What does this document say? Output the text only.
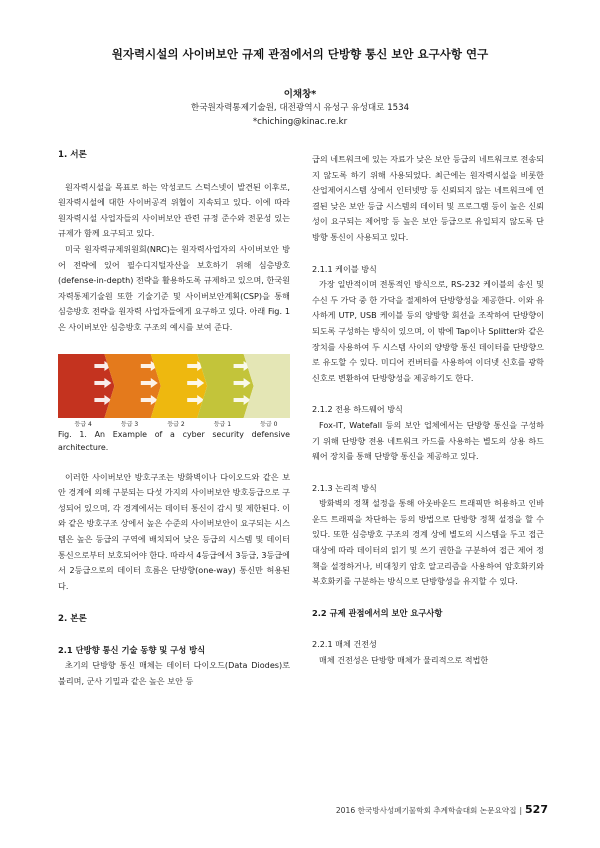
원자력시설의 사이버보안 규제 관점에서의 단방향 통신 보안 요구사항 연구
이채창*
한국원자력통제기술원, 대전광역시 유성구 유성대로 1534
*chiching@kinac.re.kr

1. 서론

원자력시설을 목표로 하는 악성코드 스턱스넷이 발견된 이후로, 원자력시설에 대한 사이버공격 위협이 지속되고 있다. 이에 따라 원자력시설 사업자들의 사이버보안 관련 규정 준수와 전문성 있는 규제가 함께 요구되고 있다.

미국 원자력규제위원회(NRC)는 원자력사업자의 사이버보안 방어 전략에 있어 필수디지털자산을 보호하기 위해 심층방호(defense-in-depth) 전략을 활용하도록 규제하고 있으며, 한국원자력통제기술원 또한 기술기준 및 사이버보안계획(CSP)을 통해 심층방호 전략을 원자력 사업자들에게 요구하고 있다. 아래 Fig. 1은 사이버보안 심층방호 구조의 예시를 보여 준다.

등급 4	등급 3	등급 2	등급 1	등급 0

Fig. 1. An Example of a cyber security defensive architecture.

이러한 사이버보안 방호구조는 방화벽이나 다이오드와 같은 보안 경계에 의해 구분되는 다섯 가지의 사이버보안 방호등급으로 구성되어 있으며, 각 경계에서는 데이터 통신이 감시 및 제한된다. 이와 같은 방호구조 상에서 높은 수준의 사이버보안이 요구되는 시스템은 높은 등급의 구역에 배치되어 낮은 등급의 시스템 및 데이터 통신으로부터 보호되어야 한다. 따라서 4등급에서 3등급, 3등급에서 2등급으로의 데이터 흐름은 단방향(one-way) 통신만 허용된다.

2. 본론

2.1 단방향 통신 기술 동향 및 구성 방식

초기의 단방향 통신 매체는 데이터 다이오드(Data Diodes)로 불리며, 군사 기밀과 같은 높은 보안 등

급의 네트워크에 있는 자료가 낮은 보안 등급의 네트워크로 전송되지 않도록 하기 위해 사용되었다. 최근에는 원자력시설을 비롯한 산업제어시스템 상에서 인터넷망 등 신뢰되지 않는 네트워크에 연결된 낮은 보안 등급 시스템의 데이터 및 프로그램 등이 높은 신뢰성이 요구되는 제어망 등 높은 보안 등급으로 유입되지 않도록 단방향 통신이 사용되고 있다.

2.1.1 케이블 방식

가장 일반적이며 전통적인 방식으로, RS-232 케이블의 송신 및 수신 두 가닥 중 한 가닥을 절제하여 단방향성을 제공한다. 이와 유사하게 UTP, USB 케이블 등의 양방향 회선을 조작하여 단방향이 되도록 구성하는 방식이 있으며, 이 밖에 Tap이나 Splitter와 같은 장치를 사용하여 두 시스템 사이의 양방향 통신 데이터를 단방향으로 유도할 수 있다. 미디어 컨버터를 사용하여 이더넷 신호를 광학 신호로 변환하여 단방향성을 제공하기도 한다.

2.1.2 전용 하드웨어 방식

Fox-IT, Watefall 등의 보안 업체에서는 단방향 통신을 구성하기 위해 단방향 전용 네트워크 카드를 사용하는 별도의 상용 하드웨어 장치를 통해 단방향 통신을 제공하고 있다.

2.1.3 논리적 방식

방화벽의 정책 설정을 통해 아웃바운드 트래픽만 허용하고 인바운드 트래픽을 차단하는 등의 방법으로 단방향 정책 설정을 할 수 있다. 또한 심층방호 구조의 경계 상에 별도의 시스템을 두고 접근 대상에 따라 데이터의 읽기 및 쓰기 권한을 구분하여 접근 제어 정책을 설정하거나, 비대칭키 암호 알고리즘을 사용하여 암호화키와 복호화키를 구분하는 방식으로 단방향성을 유지할 수 있다.

2.2 규제 관점에서의 보안 요구사항

2.2.1 매체 건전성

매체 건전성은 단방향 매체가 물리적으로 적법한

2016 한국방사성폐기물학회 추계학술대회 논문요약집 | 527
